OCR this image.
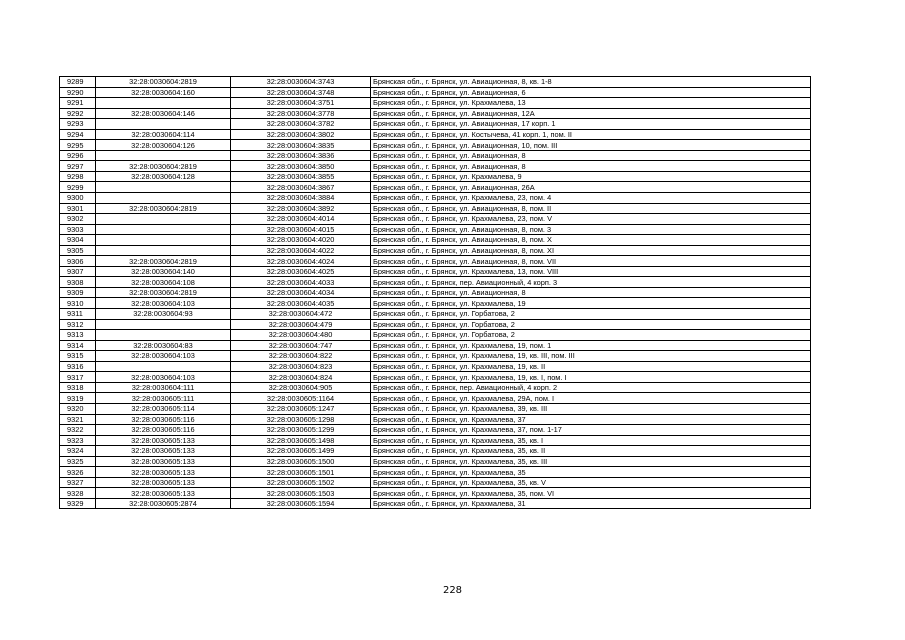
9289	32:28:0030604:2819	32:28:0030604:3743	Брянская обл., г. Брянск, ул. Авиационная, 8, кв. 1-8
9290	32:28:0030604:160	32:28:0030604:3748	Брянская обл., г. Брянск, ул. Авиационная, 6
9291		32:28:0030604:3751	Брянская обл., г. Брянск, ул. Крахмалева, 13
9292	32:28:0030604:146	32:28:0030604:3778	Брянская обл., г. Брянск, ул. Авиационная, 12А
9293		32:28:0030604:3782	Брянская обл., г. Брянск, ул. Авиационная, 17 корп. 1
9294	32:28:0030604:114	32:28:0030604:3802	Брянская обл., г. Брянск, ул. Костычева, 41 корп. 1, пом. II
9295	32:28:0030604:126	32:28:0030604:3835	Брянская обл., г. Брянск, ул. Авиационная, 10, пом. III
9296		32:28:0030604:3836	Брянская обл., г. Брянск, ул. Авиационная, 8
9297	32:28:0030604:2819	32:28:0030604:3850	Брянская обл., г. Брянск, ул. Авиационная, 8
9298	32:28:0030604:128	32:28:0030604:3855	Брянская обл., г. Брянск, ул. Крахмалева, 9
9299		32:28:0030604:3867	Брянская обл., г. Брянск, ул. Авиационная, 26А
9300		32:28:0030604:3884	Брянская обл., г. Брянск, ул. Крахмалева, 23, пом. 4
9301	32:28:0030604:2819	32:28:0030604:3892	Брянская обл., г. Брянск, ул. Авиационная, 8, пом. II
9302		32:28:0030604:4014	Брянская обл., г. Брянск, ул. Крахмалева, 23, пом. V
9303		32:28:0030604:4015	Брянская обл., г. Брянск, ул. Авиационная, 8, пом. 3
9304		32:28:0030604:4020	Брянская обл., г. Брянск, ул. Авиационная, 8, пом. X
9305		32:28:0030604:4022	Брянская обл., г. Брянск, ул. Авиационная, 8, пом. XI
9306	32:28:0030604:2819	32:28:0030604:4024	Брянская обл., г. Брянск, ул. Авиационная, 8, пом. VII
9307	32:28:0030604:140	32:28:0030604:4025	Брянская обл., г. Брянск, ул. Крахмалева, 13, пом. VIII
9308	32:28:0030604:108	32:28:0030604:4033	Брянская обл., г. Брянск, пер. Авиационный, 4 корп. 3
9309	32:28:0030604:2819	32:28:0030604:4034	Брянская обл., г. Брянск, ул. Авиационная, 8
9310	32:28:0030604:103	32:28:0030604:4035	Брянская обл., г. Брянск, ул. Крахмалева, 19
9311	32:28:0030604:93	32:28:0030604:472	Брянская обл., г. Брянск, ул. Горбатова, 2
9312		32:28:0030604:479	Брянская обл., г. Брянск, ул. Горбатова, 2
9313		32:28:0030604:480	Брянская обл., г. Брянск, ул. Горбатова, 2
9314	32:28:0030604:83	32:28:0030604:747	Брянская обл., г. Брянск, ул. Крахмалева, 19, пом. 1
9315	32:28:0030604:103	32:28:0030604:822	Брянская обл., г. Брянск, ул. Крахмалева, 19, кв. III, пом. III
9316		32:28:0030604:823	Брянская обл., г. Брянск, ул. Крахмалева, 19, кв. II
9317	32:28:0030604:103	32:28:0030604:824	Брянская обл., г. Брянск, ул. Крахмалева, 19, кв. I, пом. I
9318	32:28:0030604:111	32:28:0030604:905	Брянская обл., г. Брянск, пер. Авиационный, 4 корп. 2
9319	32:28:0030605:111	32:28:0030605:1164	Брянская обл., г. Брянск, ул. Крахмалева, 29А, пом. I
9320	32:28:0030605:114	32:28:0030605:1247	Брянская обл., г. Брянск, ул. Крахмалева, 39, кв. III
9321	32:28:0030605:116	32:28:0030605:1298	Брянская обл., г. Брянск, ул. Крахмалева, 37
9322	32:28:0030605:116	32:28:0030605:1299	Брянская обл., г. Брянск, ул. Крахмалева, 37, пом. 1-17
9323	32:28:0030605:133	32:28:0030605:1498	Брянская обл., г. Брянск, ул. Крахмалева, 35, кв. I
9324	32:28:0030605:133	32:28:0030605:1499	Брянская обл., г. Брянск, ул. Крахмалева, 35, кв. II
9325	32:28:0030605:133	32:28:0030605:1500	Брянская обл., г. Брянск, ул. Крахмалева, 35, кв. III
9326	32:28:0030605:133	32:28:0030605:1501	Брянская обл., г. Брянск, ул. Крахмалева, 35
9327	32:28:0030605:133	32:28:0030605:1502	Брянская обл., г. Брянск, ул. Крахмалева, 35, кв. V
9328	32:28:0030605:133	32:28:0030605:1503	Брянская обл., г. Брянск, ул. Крахмалева, 35, пом. VI
9329	32:28:0030605:2874	32:28:0030605:1594	Брянская обл., г. Брянск, ул. Крахмалева, 31
228
